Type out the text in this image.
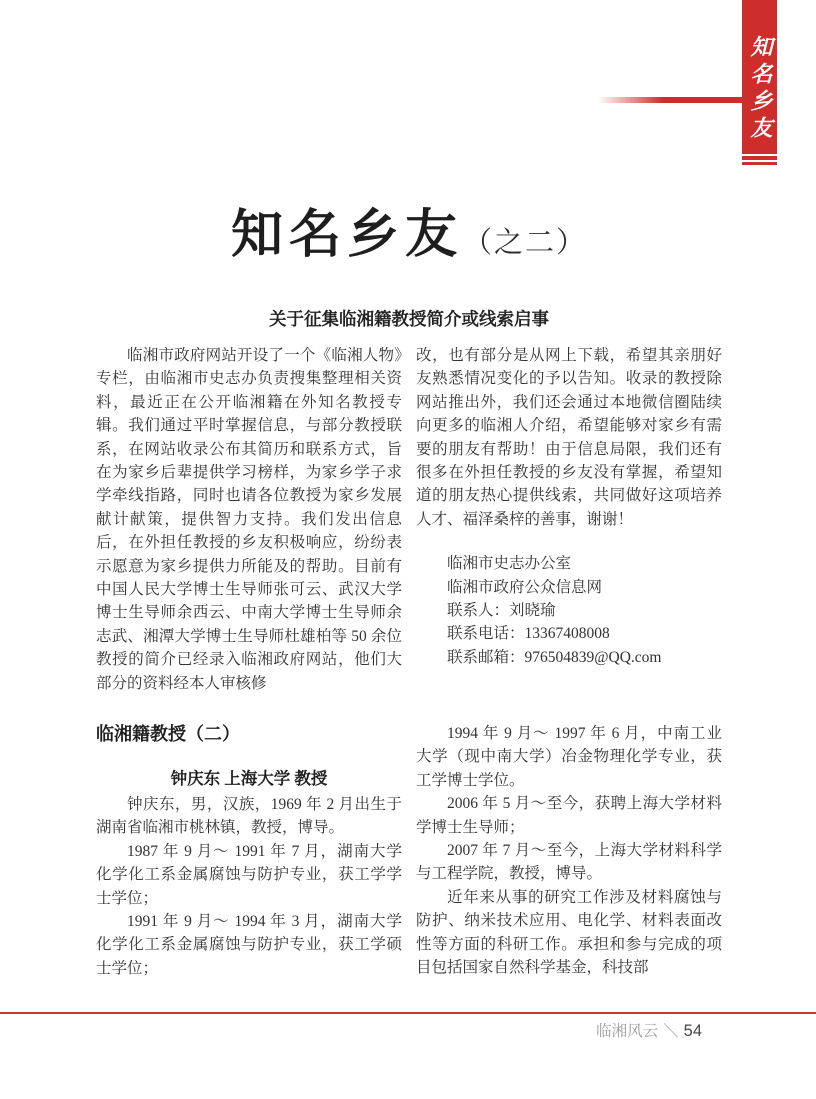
知名乡友
知名乡友（之二）
关于征集临湘籍教授简介或线索启事

临湘市政府网站开设了一个《临湘人物》专栏，由临湘市史志办负责搜集整理相关资料，最近正在公开临湘籍在外知名教授专辑。我们通过平时掌握信息，与部分教授联系，在网站收录公布其简历和联系方式，旨在为家乡后辈提供学习榜样，为家乡学子求学牵线指路，同时也请各位教授为家乡发展献计献策，提供智力支持。我们发出信息后，在外担任教授的乡友积极响应，纷纷表示愿意为家乡提供力所能及的帮助。目前有中国人民大学博士生导师张可云、武汉大学博士生导师余西云、中南大学博士生导师余志武、湘潭大学博士生导师杜雄柏等 50 余位教授的简介已经录入临湘政府网站，他们大部分的资料经本人审核修

改，也有部分是从网上下载，希望其亲朋好友熟悉情况变化的予以告知。收录的教授除网站推出外，我们还会通过本地微信圈陆续向更多的临湘人介绍，希望能够对家乡有需要的朋友有帮助！由于信息局限，我们还有很多在外担任教授的乡友没有掌握，希望知道的朋友热心提供线索，共同做好这项培养人才、福泽桑梓的善事，谢谢！

临湘市史志办公室
临湘市政府公众信息网
联系人：刘晓瑜
联系电话：13367408008
联系邮箱：976504839@QQ.com
临湘籍教授（二）
钟庆东 上海大学 教授

钟庆东，男，汉族，1969 年 2 月出生于湖南省临湘市桃林镇，教授，博导。

1987 年 9 月～ 1991 年 7 月，湖南大学化学化工系金属腐蚀与防护专业，获工学学士学位；

1991 年 9 月～ 1994 年 3 月，湖南大学化学化工系金属腐蚀与防护专业，获工学硕士学位；

1994 年 9 月～ 1997 年 6 月，中南工业大学（现中南大学）冶金物理化学专业，获工学博士学位。

2006 年 5 月～至今，获聘上海大学材料学博士生导师；

2007 年 7 月～至今，上海大学材料科学与工程学院，教授，博导。

近年来从事的研究工作涉及材料腐蚀与防护、纳米技术应用、电化学、材料表面改性等方面的科研工作。承担和参与完成的项目包括国家自然科学基金，科技部

临湘风云 ＼ 54
